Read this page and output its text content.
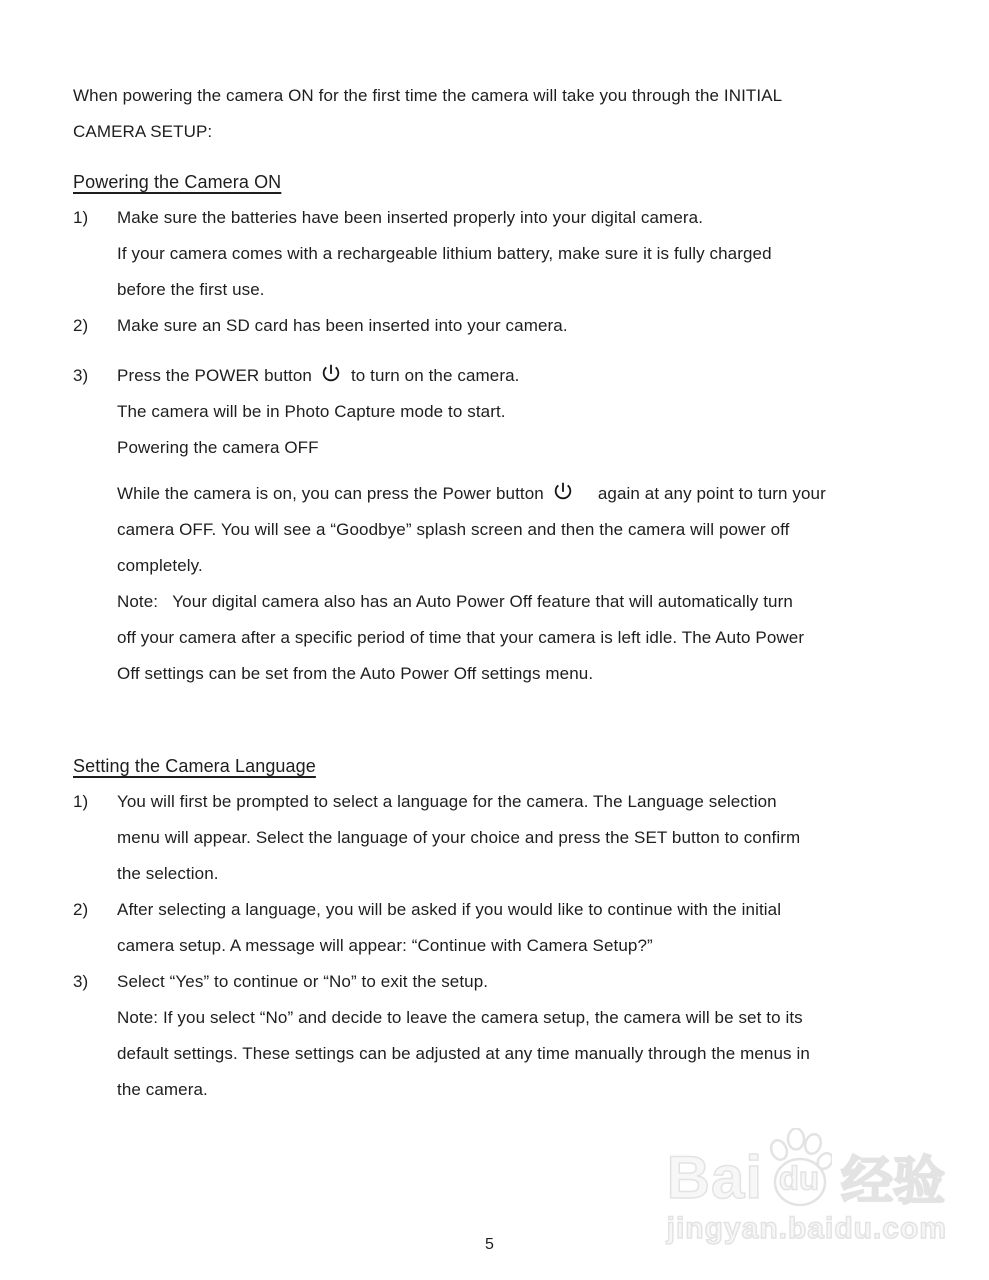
When powering the camera ON for the first time the camera will take you through the INITIAL
CAMERA SETUP:
Powering the Camera ON
1)	Make sure the batteries have been inserted properly into your digital camera.
If your camera comes with a rechargeable lithium battery, make sure it is fully charged
before the first use.
2)	Make sure an SD card has been inserted into your camera.
3)	Press the POWER button to turn on the camera.
The camera will be in Photo Capture mode to start.
Powering the camera OFF
While the camera is on, you can press the Power button	again at any point to turn your
camera OFF. You will see a “Goodbye” splash screen and then the camera will power off
completely.
Note:   Your digital camera also has an Auto Power Off feature that will automatically turn
off your camera after a specific period of time that your camera is left idle. The Auto Power
Off settings can be set from the Auto Power Off settings menu.
Setting the Camera Language
1)	You will first be prompted to select a language for the camera. The Language selection
menu will appear. Select the language of your choice and press the SET button to confirm
the selection.
2)	After selecting a language, you will be asked if you would like to continue with the initial
camera setup. A message will appear: “Continue with Camera Setup?”
3)	Select “Yes” to continue or “No” to exit the setup.
Note: If you select “No” and decide to leave the camera setup, the camera will be set to its
default settings. These settings can be adjusted at any time manually through the menus in
the camera.
Bai du 经验
jingyan.baidu.com
5
